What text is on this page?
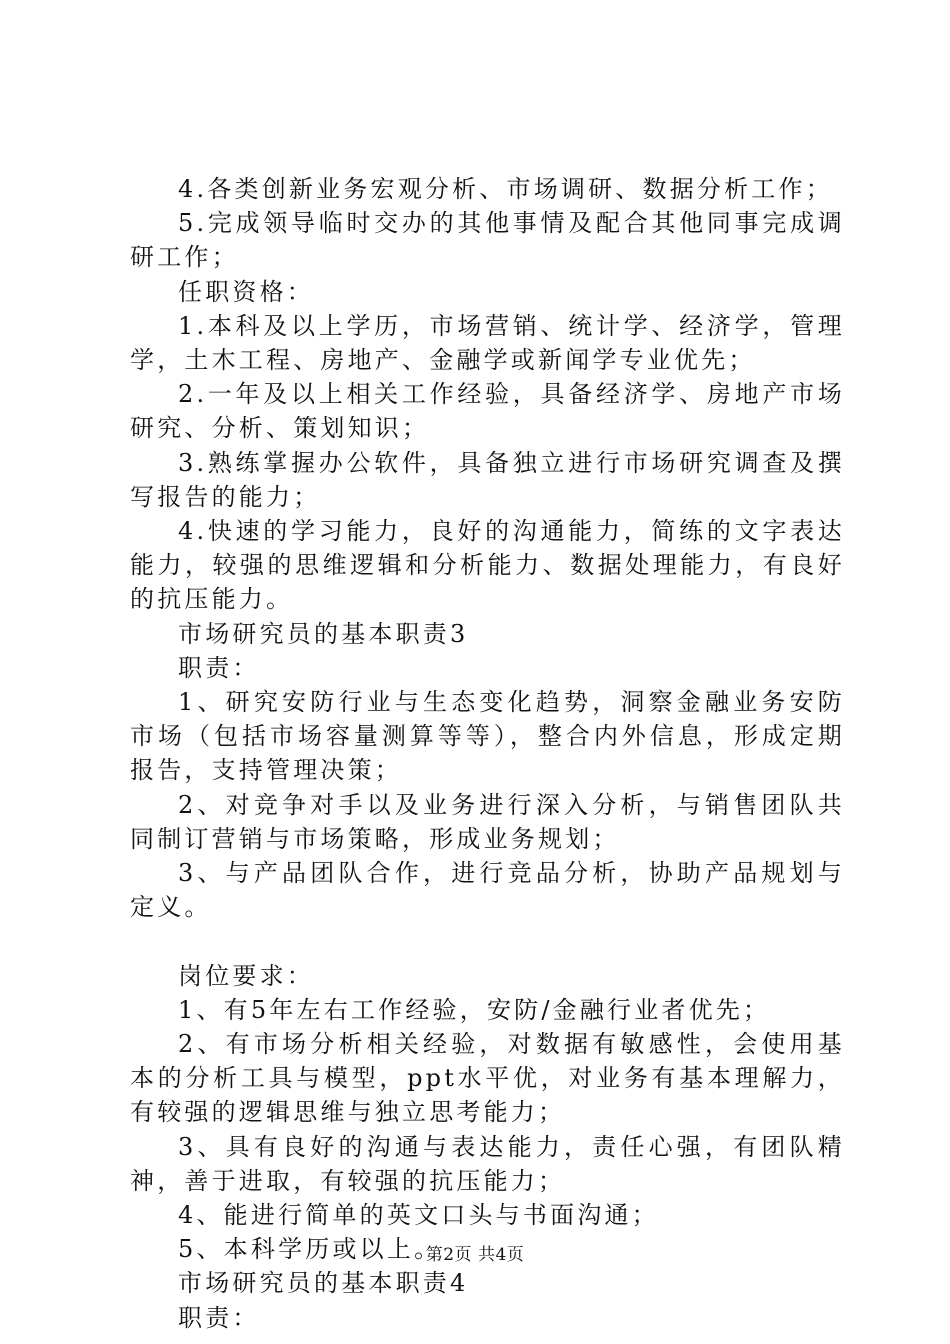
4.各类创新业务宏观分析、市场调研、数据分析工作；

5.完成领导临时交办的其他事情及配合其他同事完成调研工作；

任职资格：

1.本科及以上学历，市场营销、统计学、经济学，管理学，土木工程、房地产、金融学或新闻学专业优先；

2.一年及以上相关工作经验，具备经济学、房地产市场研究、分析、策划知识；

3.熟练掌握办公软件，具备独立进行市场研究调查及撰写报告的能力；

4.快速的学习能力，良好的沟通能力，简练的文字表达能力，较强的思维逻辑和分析能力、数据处理能力，有良好的抗压能力。

市场研究员的基本职责3

职责：

1、研究安防行业与生态变化趋势，洞察金融业务安防市场（包括市场容量测算等等），整合内外信息，形成定期报告，支持管理决策；

2、对竞争对手以及业务进行深入分析，与销售团队共同制订营销与市场策略，形成业务规划；

3、与产品团队合作，进行竞品分析，协助产品规划与定义。

岗位要求：

1、有5年左右工作经验，安防/金融行业者优先；

2、有市场分析相关经验，对数据有敏感性，会使用基本的分析工具与模型，ppt水平优，对业务有基本理解力，有较强的逻辑思维与独立思考能力；

3、具有良好的沟通与表达能力，责任心强，有团队精神，善于进取，有较强的抗压能力；

4、能进行简单的英文口头与书面沟通；

5、本科学历或以上。

市场研究员的基本职责4

职责：

第2页 共4页
